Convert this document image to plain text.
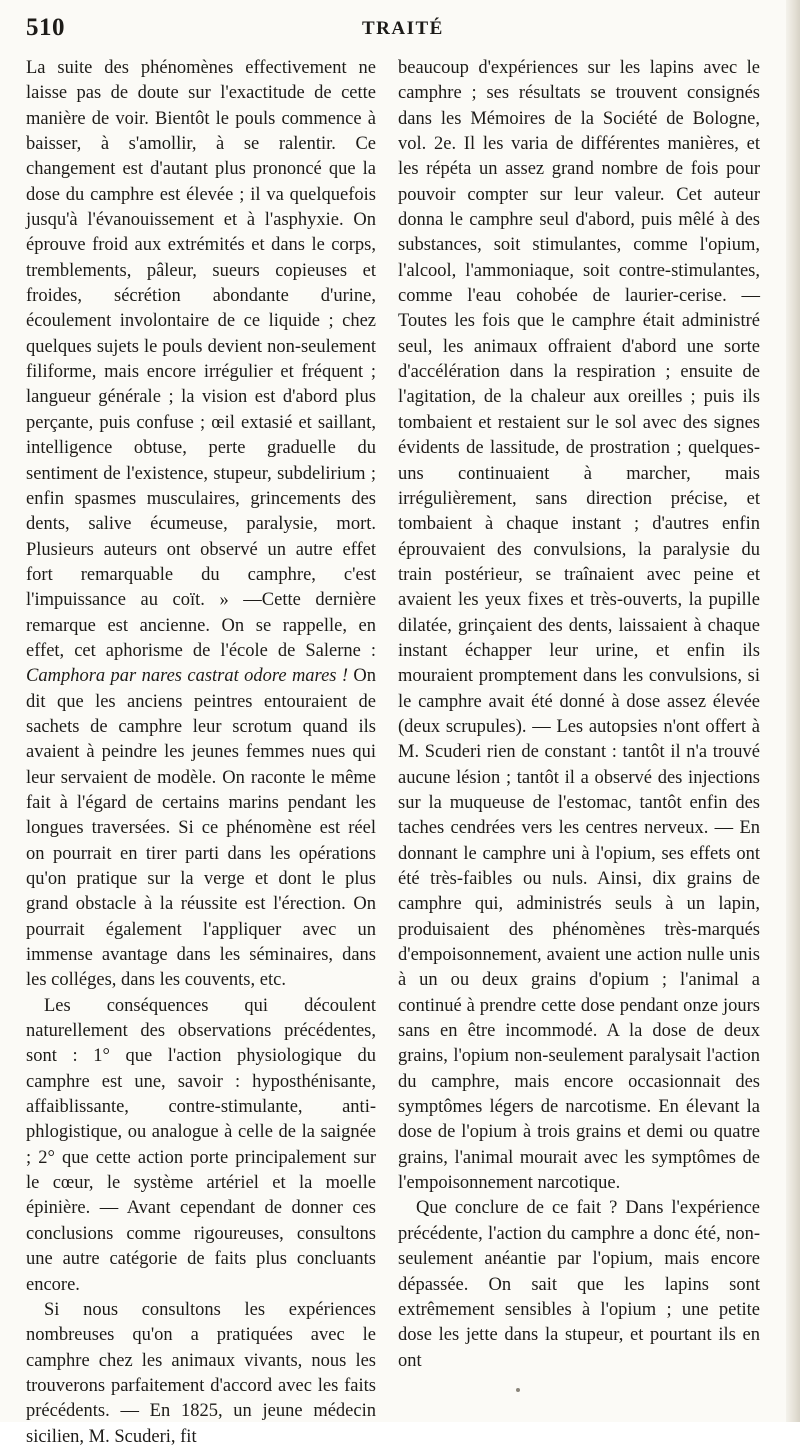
510	TRAITÉ

La suite des phénomènes effectivement ne laisse pas de doute sur l'exactitude de cette manière de voir. Bientôt le pouls commence à baisser, à s'amollir, à se ralentir. Ce changement est d'autant plus prononcé que la dose du camphre est élevée ; il va quelquefois jusqu'à l'évanouissement et à l'asphyxie. On éprouve froid aux extrémités et dans le corps, tremblements, pâleur, sueurs copieuses et froides, sécrétion abondante d'urine, écoulement involontaire de ce liquide ; chez quelques sujets le pouls devient non-seulement filiforme, mais encore irrégulier et fréquent ; langueur générale ; la vision est d'abord plus perçante, puis confuse ; œil extasié et saillant, intelligence obtuse, perte graduelle du sentiment de l'existence, stupeur, subdelirium ; enfin spasmes musculaires, grincements des dents, salive écumeuse, paralysie, mort. Plusieurs auteurs ont observé un autre effet fort remarquable du camphre, c'est l'impuissance au coït. » —Cette dernière remarque est ancienne. On se rappelle, en effet, cet aphorisme de l'école de Salerne : Camphora par nares castrat odore mares ! On dit que les anciens peintres entouraient de sachets de camphre leur scrotum quand ils avaient à peindre les jeunes femmes nues qui leur servaient de modèle. On raconte le même fait à l'égard de certains marins pendant les longues traversées. Si ce phénomène est réel on pourrait en tirer parti dans les opérations qu'on pratique sur la verge et dont le plus grand obstacle à la réussite est l'érection. On pourrait également l'appliquer avec un immense avantage dans les séminaires, dans les colléges, dans les couvents, etc.

Les conséquences qui découlent naturellement des observations précédentes, sont : 1° que l'action physiologique du camphre est une, savoir : hyposthénisante, affaiblissante, contre-stimulante, anti-phlogistique, ou analogue à celle de la saignée ; 2° que cette action porte principalement sur le cœur, le système artériel et la moelle épinière. — Avant cependant de donner ces conclusions comme rigoureuses, consultons une autre catégorie de faits plus concluants encore.

Si nous consultons les expériences nombreuses qu'on a pratiquées avec le camphre chez les animaux vivants, nous les trouverons parfaitement d'accord avec les faits précédents. — En 1825, un jeune médecin sicilien, M. Scuderi, fit

beaucoup d'expériences sur les lapins avec le camphre ; ses résultats se trouvent consignés dans les Mémoires de la Société de Bologne, vol. 2e. Il les varia de différentes manières, et les répéta un assez grand nombre de fois pour pouvoir compter sur leur valeur. Cet auteur donna le camphre seul d'abord, puis mêlé à des substances, soit stimulantes, comme l'opium, l'alcool, l'ammoniaque, soit contre-stimulantes, comme l'eau cohobée de laurier-cerise. — Toutes les fois que le camphre était administré seul, les animaux offraient d'abord une sorte d'accélération dans la respiration ; ensuite de l'agitation, de la chaleur aux oreilles ; puis ils tombaient et restaient sur le sol avec des signes évidents de lassitude, de prostration ; quelques-uns continuaient à marcher, mais irrégulièrement, sans direction précise, et tombaient à chaque instant ; d'autres enfin éprouvaient des convulsions, la paralysie du train postérieur, se traînaient avec peine et avaient les yeux fixes et très-ouverts, la pupille dilatée, grinçaient des dents, laissaient à chaque instant échapper leur urine, et enfin ils mouraient promptement dans les convulsions, si le camphre avait été donné à dose assez élevée (deux scrupules). — Les autopsies n'ont offert à M. Scuderi rien de constant : tantôt il n'a trouvé aucune lésion ; tantôt il a observé des injections sur la muqueuse de l'estomac, tantôt enfin des taches cendrées vers les centres nerveux. — En donnant le camphre uni à l'opium, ses effets ont été très-faibles ou nuls. Ainsi, dix grains de camphre qui, administrés seuls à un lapin, produisaient des phénomènes très-marqués d'empoisonnement, avaient une action nulle unis à un ou deux grains d'opium ; l'animal a continué à prendre cette dose pendant onze jours sans en être incommodé. A la dose de deux grains, l'opium non-seulement paralysait l'action du camphre, mais encore occasionnait des symptômes légers de narcotisme. En élevant la dose de l'opium à trois grains et demi ou quatre grains, l'animal mourait avec les symptômes de l'empoisonnement narcotique.

Que conclure de ce fait ? Dans l'expérience précédente, l'action du camphre a donc été, non-seulement anéantie par l'opium, mais encore dépassée. On sait que les lapins sont extrêmement sensibles à l'opium ; une petite dose les jette dans la stupeur, et pourtant ils en ont
